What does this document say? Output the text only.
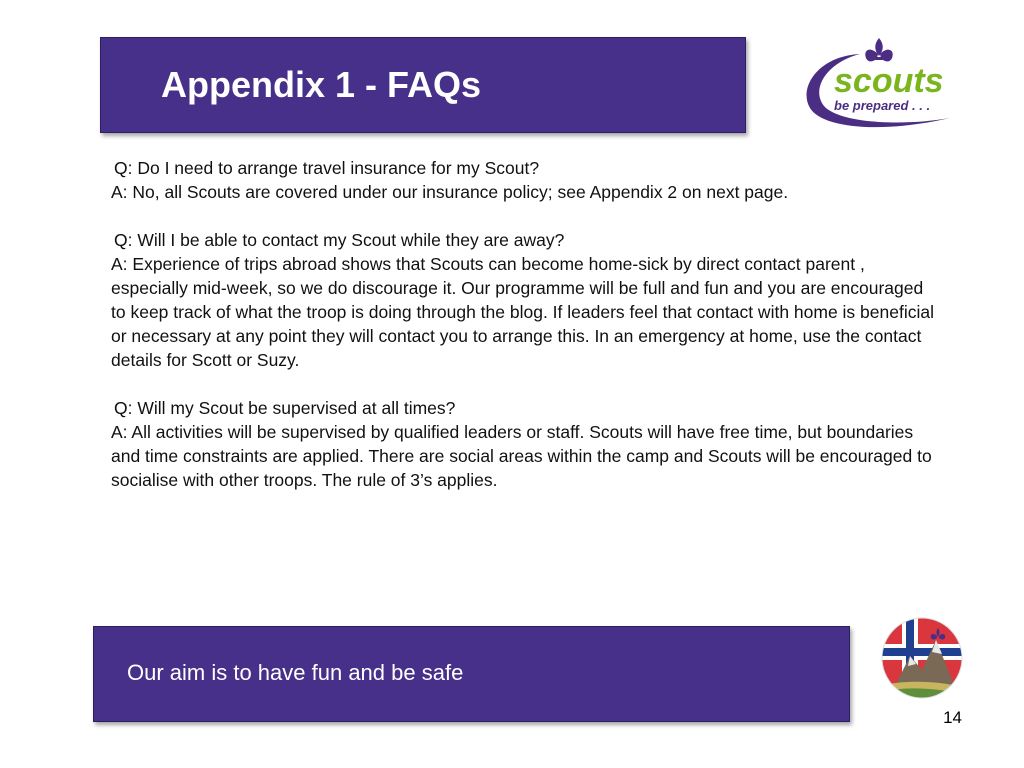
Appendix 1 - FAQs	scouts
be prepared . . .
Q: Do I need to arrange travel insurance for my Scout?
A: No, all Scouts are covered under our insurance policy; see Appendix 2 on next page.
Q: Will I be able to contact my Scout while they are away?
A: Experience of trips abroad shows that Scouts can become home-sick by direct contact parent , especially mid-week, so we do discourage it. Our programme will be full and fun and you are encouraged to keep track of what the troop is doing through the blog. If leaders feel that contact with home is beneficial or necessary at any point they will contact you to arrange this. In an emergency at home, use the contact details for Scott or Suzy.
Q: Will my Scout be supervised at all times?
A: All activities will be supervised by qualified leaders or staff. Scouts will have free time, but boundaries and time constraints are applied. There are social areas within the camp and Scouts will be encouraged to socialise with other troops. The rule of 3’s applies.
Our aim is to have fun and be safe
14
